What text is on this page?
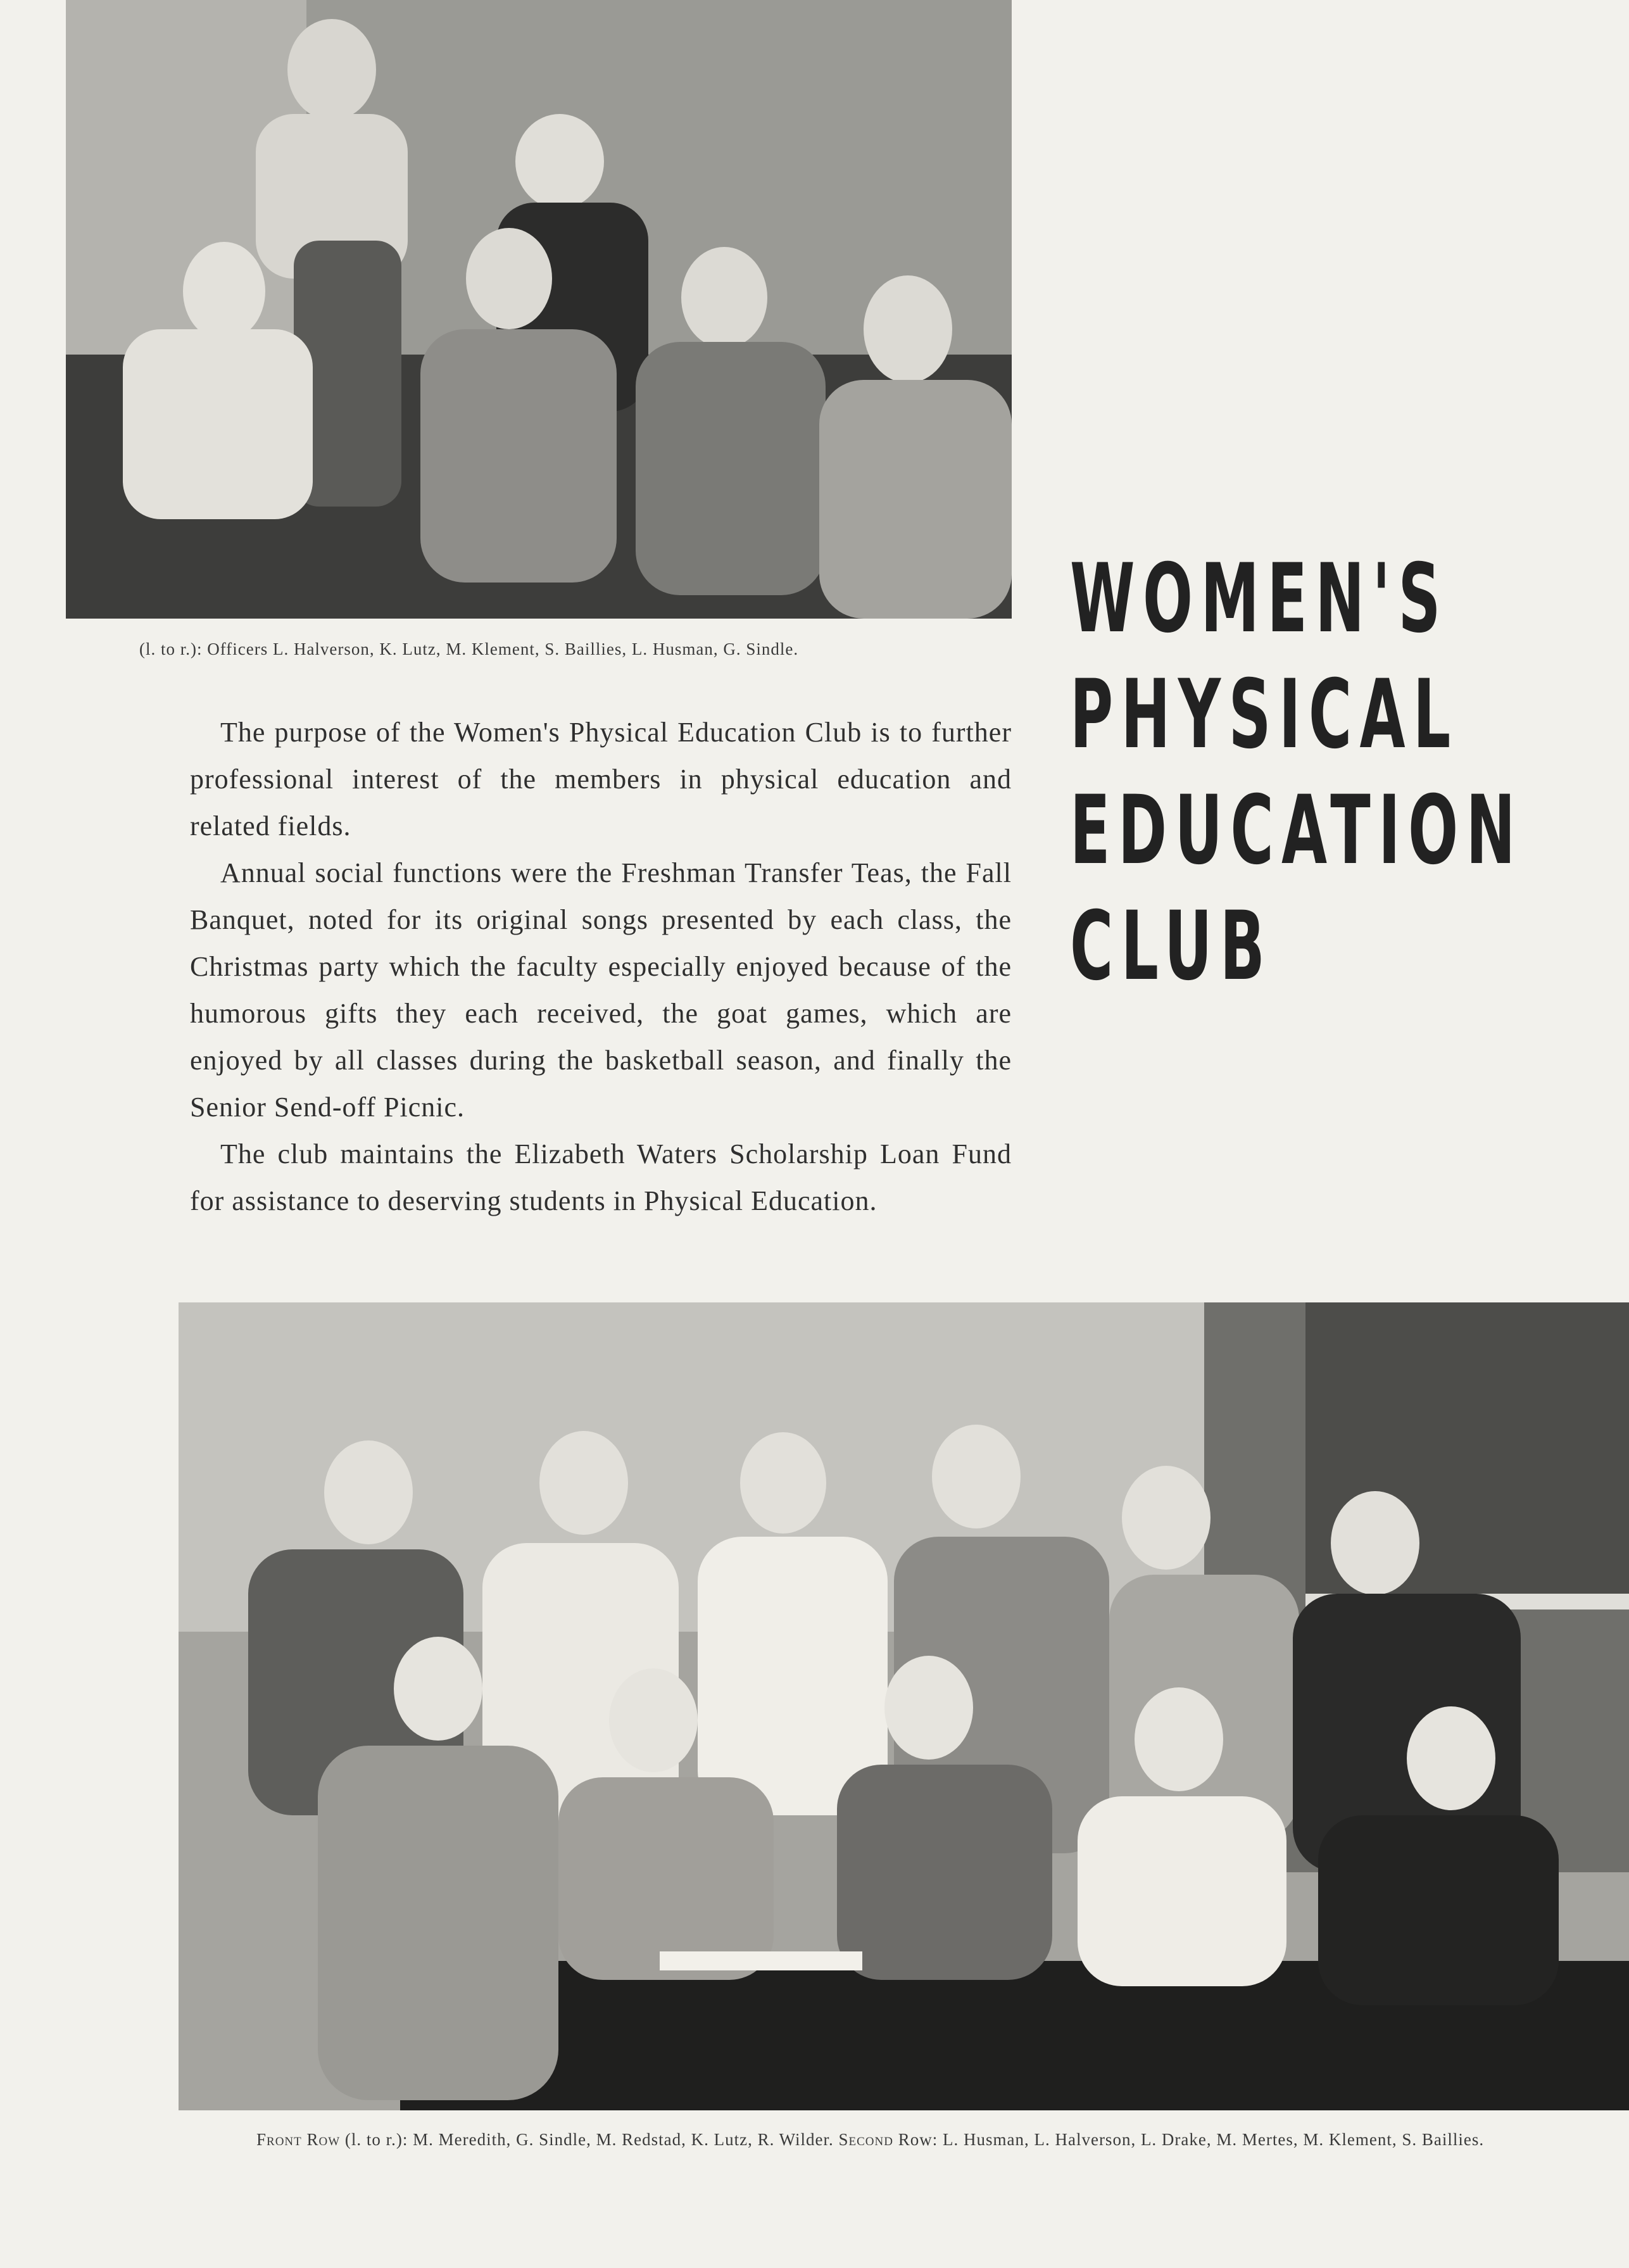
(l. to r.): Officers L. Halverson, K. Lutz, M. Klement, S. Baillies, L. Husman, G. Sindle.	WOMEN'S
PHYSICAL
EDUCATION
CLUB

The purpose of the Women's Physical Education Club is to further professional interest of the members in physical education and related fields.

Annual social functions were the Freshman Transfer Teas, the Fall Banquet, noted for its original songs presented by each class, the Christmas party which the faculty especially enjoyed because of the humorous gifts they each received, the goat games, which are enjoyed by all classes during the basketball season, and finally the Senior Send-off Picnic.

The club maintains the Elizabeth Waters Scholarship Loan Fund for assistance to deserving students in Physical Education.

Front Row (l. to r.): M. Meredith, G. Sindle, M. Redstad, K. Lutz, R. Wilder. Second Row: L. Husman, L. Halverson, L. Drake, M. Mertes, M. Klement, S. Baillies.
